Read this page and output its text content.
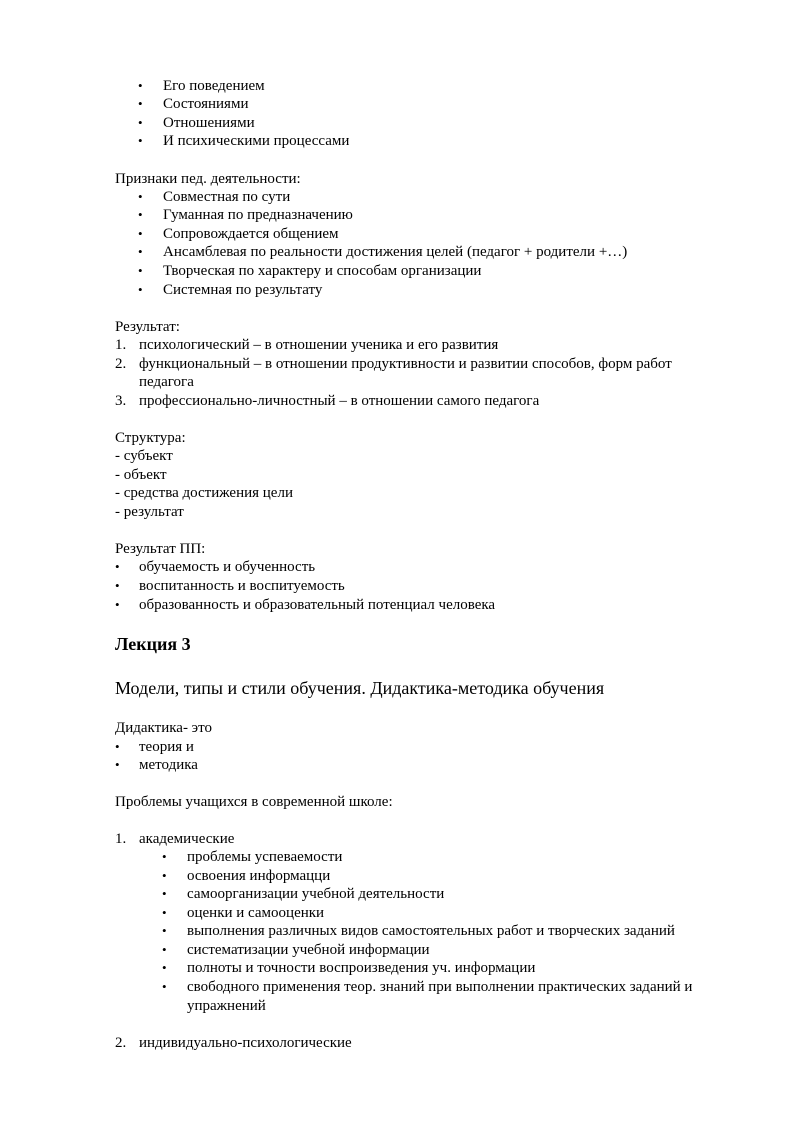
• Его поведением
• Состояниями
• Отношениями
• И психическими процессами
Признаки пед. деятельности:
• Совместная по сути
• Гуманная по предназначению
• Сопровождается общением
• Ансамблевая по реальности достижения целей (педагог + родители +…)
• Творческая по характеру и способам организации
• Системная по результату
Результат:
1. психологический – в отношении ученика и его развития
2. функциональный – в отношении продуктивности и развитии способов, форм работ
педагога
3. профессионально-личностный – в отношении самого педагога
Структура:
- субъект
- объект
- средства достижения цели
- результат
Результат ПП:
• обучаемость и обученность
• воспитанность и воспитуемость
• образованность и образовательный потенциал человека
Лекция 3
Модели, типы и стили обучения. Дидактика-методика обучения
Дидактика- это
• теория и
• методика
Проблемы учащихся в современной школе:
1. академические
• проблемы успеваемости
• освоения информацци
• самоорганизации учебной деятельности
• оценки и самооценки
• выполнения различных видов самостоятельных работ и творческих заданий
• систематизации учебной информации
• полноты и точности воспроизведения уч. информации
• свободного применения теор. знаний при выполнении практических заданий и
упражнений
2. индивидуально-психологические
